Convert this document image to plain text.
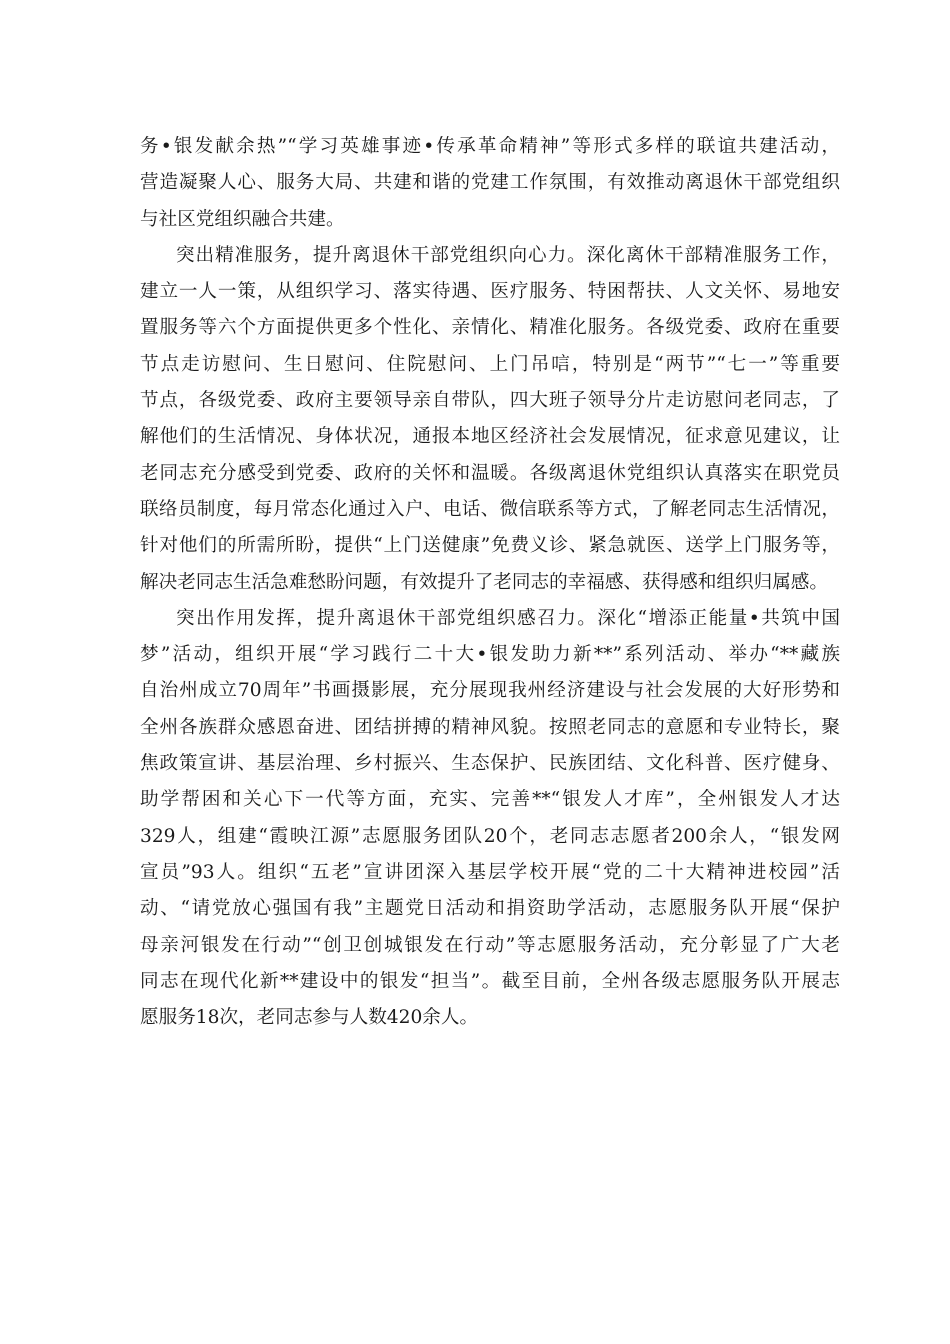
务•银发献余热”“学习英雄事迹•传承革命精神”等形式多样的联谊共建活动，
营造凝聚人心、服务大局、共建和谐的党建工作氛围，有效推动离退休干部党组织
与社区党组织融合共建。
突出精准服务，提升离退休干部党组织向心力。深化离休干部精准服务工作，
建立一人一策，从组织学习、落实待遇、医疗服务、特困帮扶、人文关怀、易地安
置服务等六个方面提供更多个性化、亲情化、精准化服务。各级党委、政府在重要
节点走访慰问、生日慰问、住院慰问、上门吊唁，特别是“两节”“七一”等重要
节点，各级党委、政府主要领导亲自带队，四大班子领导分片走访慰问老同志，了
解他们的生活情况、身体状况，通报本地区经济社会发展情况，征求意见建议，让
老同志充分感受到党委、政府的关怀和温暖。各级离退休党组织认真落实在职党员
联络员制度，每月常态化通过入户、电话、微信联系等方式，了解老同志生活情况，
针对他们的所需所盼，提供“上门送健康”免费义诊、紧急就医、送学上门服务等，
解决老同志生活急难愁盼问题，有效提升了老同志的幸福感、获得感和组织归属感。
突出作用发挥，提升离退休干部党组织感召力。深化“增添正能量•共筑中国
梦”活动，组织开展“学习践行二十大•银发助力新**”系列活动、举办“**藏族
自治州成立70周年”书画摄影展，充分展现我州经济建设与社会发展的大好形势和
全州各族群众感恩奋进、团结拼搏的精神风貌。按照老同志的意愿和专业特长，聚
焦政策宣讲、基层治理、乡村振兴、生态保护、民族团结、文化科普、医疗健身、
助学帮困和关心下一代等方面，充实、完善**“银发人才库”，全州银发人才达
329人，组建“霞映江源”志愿服务团队20个，老同志志愿者200余人，“银发网
宣员”93人。组织“五老”宣讲团深入基层学校开展“党的二十大精神进校园”活
动、“请党放心强国有我”主题党日活动和捐资助学活动，志愿服务队开展“保护
母亲河银发在行动”“创卫创城银发在行动”等志愿服务活动，充分彰显了广大老
同志在现代化新**建设中的银发“担当”。截至目前，全州各级志愿服务队开展志
愿服务18次，老同志参与人数420余人。
